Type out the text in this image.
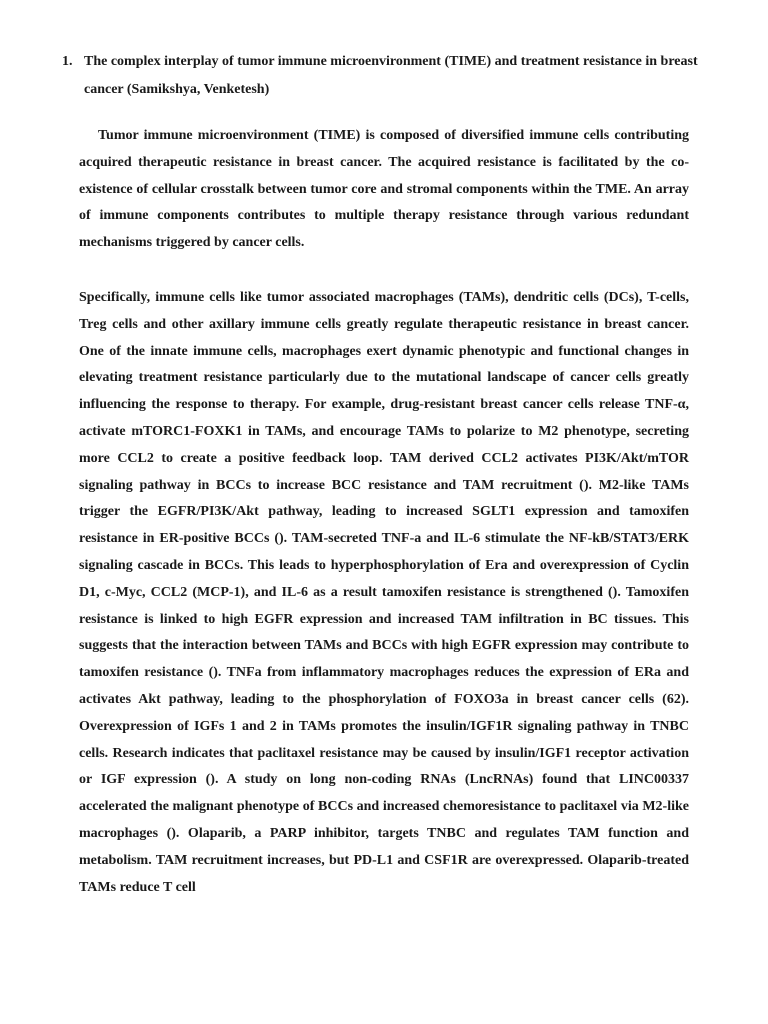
1. The complex interplay of tumor immune microenvironment (TIME) and treatment resistance in breast cancer (Samikshya, Venketesh)

Tumor immune microenvironment (TIME) is composed of diversified immune cells contributing acquired therapeutic resistance in breast cancer. The acquired resistance is facilitated by the co-existence of cellular crosstalk between tumor core and stromal components within the TME. An array of immune components contributes to multiple therapy resistance through various redundant mechanisms triggered by cancer cells.

Specifically, immune cells like tumor associated macrophages (TAMs), dendritic cells (DCs), T-cells, Treg cells and other axillary immune cells greatly regulate therapeutic resistance in breast cancer. One of the innate immune cells, macrophages exert dynamic phenotypic and functional changes in elevating treatment resistance particularly due to the mutational landscape of cancer cells greatly influencing the response to therapy. For example, drug-resistant breast cancer cells release TNF-α, activate mTORC1-FOXK1 in TAMs, and encourage TAMs to polarize to M2 phenotype, secreting more CCL2 to create a positive feedback loop. TAM derived CCL2 activates PI3K/Akt/mTOR signaling pathway in BCCs to increase BCC resistance and TAM recruitment (). M2-like TAMs trigger the EGFR/PI3K/Akt pathway, leading to increased SGLT1 expression and tamoxifen resistance in ER-positive BCCs (). TAM-secreted TNF-a and IL-6 stimulate the NF-kB/STAT3/ERK signaling cascade in BCCs. This leads to hyperphosphorylation of Era and overexpression of Cyclin D1, c-Myc, CCL2 (MCP-1), and IL-6 as a result tamoxifen resistance is strengthened (). Tamoxifen resistance is linked to high EGFR expression and increased TAM infiltration in BC tissues. This suggests that the interaction between TAMs and BCCs with high EGFR expression may contribute to tamoxifen resistance (). TNFa from inflammatory macrophages reduces the expression of ERa and activates Akt pathway, leading to the phosphorylation of FOXO3a in breast cancer cells (62). Overexpression of IGFs 1 and 2 in TAMs promotes the insulin/IGF1R signaling pathway in TNBC cells. Research indicates that paclitaxel resistance may be caused by insulin/IGF1 receptor activation or IGF expression (). A study on long non-coding RNAs (LncRNAs) found that LINC00337 accelerated the malignant phenotype of BCCs and increased chemoresistance to paclitaxel via M2-like macrophages (). Olaparib, a PARP inhibitor, targets TNBC and regulates TAM function and metabolism. TAM recruitment increases, but PD-L1 and CSF1R are overexpressed. Olaparib-treated TAMs reduce T cell
